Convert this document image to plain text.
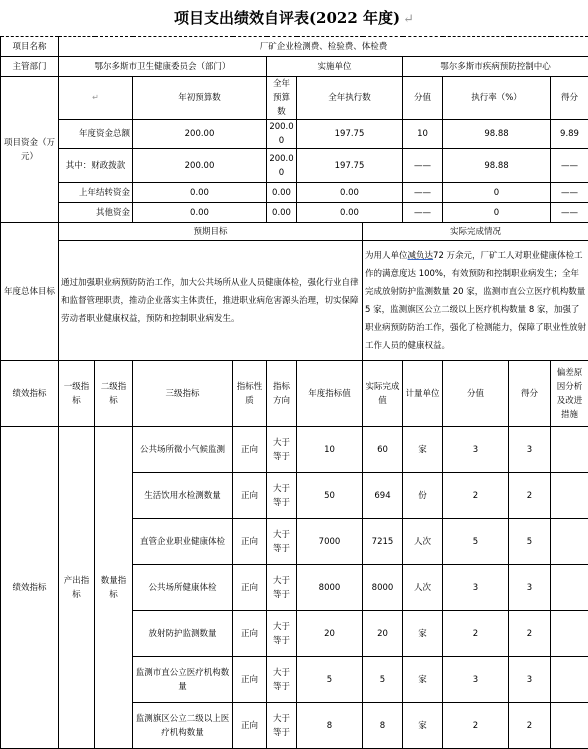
项目支出绩效自评表(2022 年度) ↵
项目名称	厂矿企业检测费、检验费、体检费										
主管部门	鄂尔多斯市卫生健康委员会（部门）				实施单位			鄂尔多斯市疾病预防控制中心			
项目资金（万元）	↵		年初预算数		全年预算数	全年执行数		分值	执行率（%）		得分
	年度资金总额		200.00		200.00	197.75		10	98.88		9.89
	其中：财政拨款		200.00		200.00	197.75		——	98.88		——
	上年结转资金		0.00		0.00	0.00		——	0		——
	其他资金		0.00		0.00	0.00		——	0		——
年度总体目标	预期目标						实际完成情况				
	通过加强职业病预防防治工作，加大公共场所从业人员健康体检，强化行业自律和监督管理职责，推动企业落实主体责任，推进职业病危害源头治理，切实保障劳动者职业健康权益，预防和控制职业病发生。						为用人单位减负达72 万余元，厂矿工人对职业健康体检工作的满意度达 100%，有效预防和控制职业病发生；全年完成放射防护监测数量 20 家，监测市直公立医疗机构数量 5 家，监测旗区公立二级以上医疗机构数量 8 家，加强了职业病预防防治工作，强化了检测能力，保障了职业性放射工作人员的健康权益。				
绩效指标	一级指标	二级指标	三级指标	指标性质	指标方向	年度指标值	实际完成值	计量单位	分值	得分	偏差原因分析及改进措施
绩效指标	产出指标	数量指标	公共场所微小气候监测	正向	大于等于	10	60	家	3	3	
			生活饮用水检测数量	正向	大于等于	50	694	份	2	2	
			直管企业职业健康体检	正向	大于等于	7000	7215	人次	5	5	
			公共场所健康体检	正向	大于等于	8000	8000	人次	3	3	
			放射防护监测数量	正向	大于等于	20	20	家	2	2	
			监测市直公立医疗机构数量	正向	大于等于	5	5	家	3	3	
			监测旗区公立二级以上医疗机构数量	正向	大于等于	8	8	家	2	2	
